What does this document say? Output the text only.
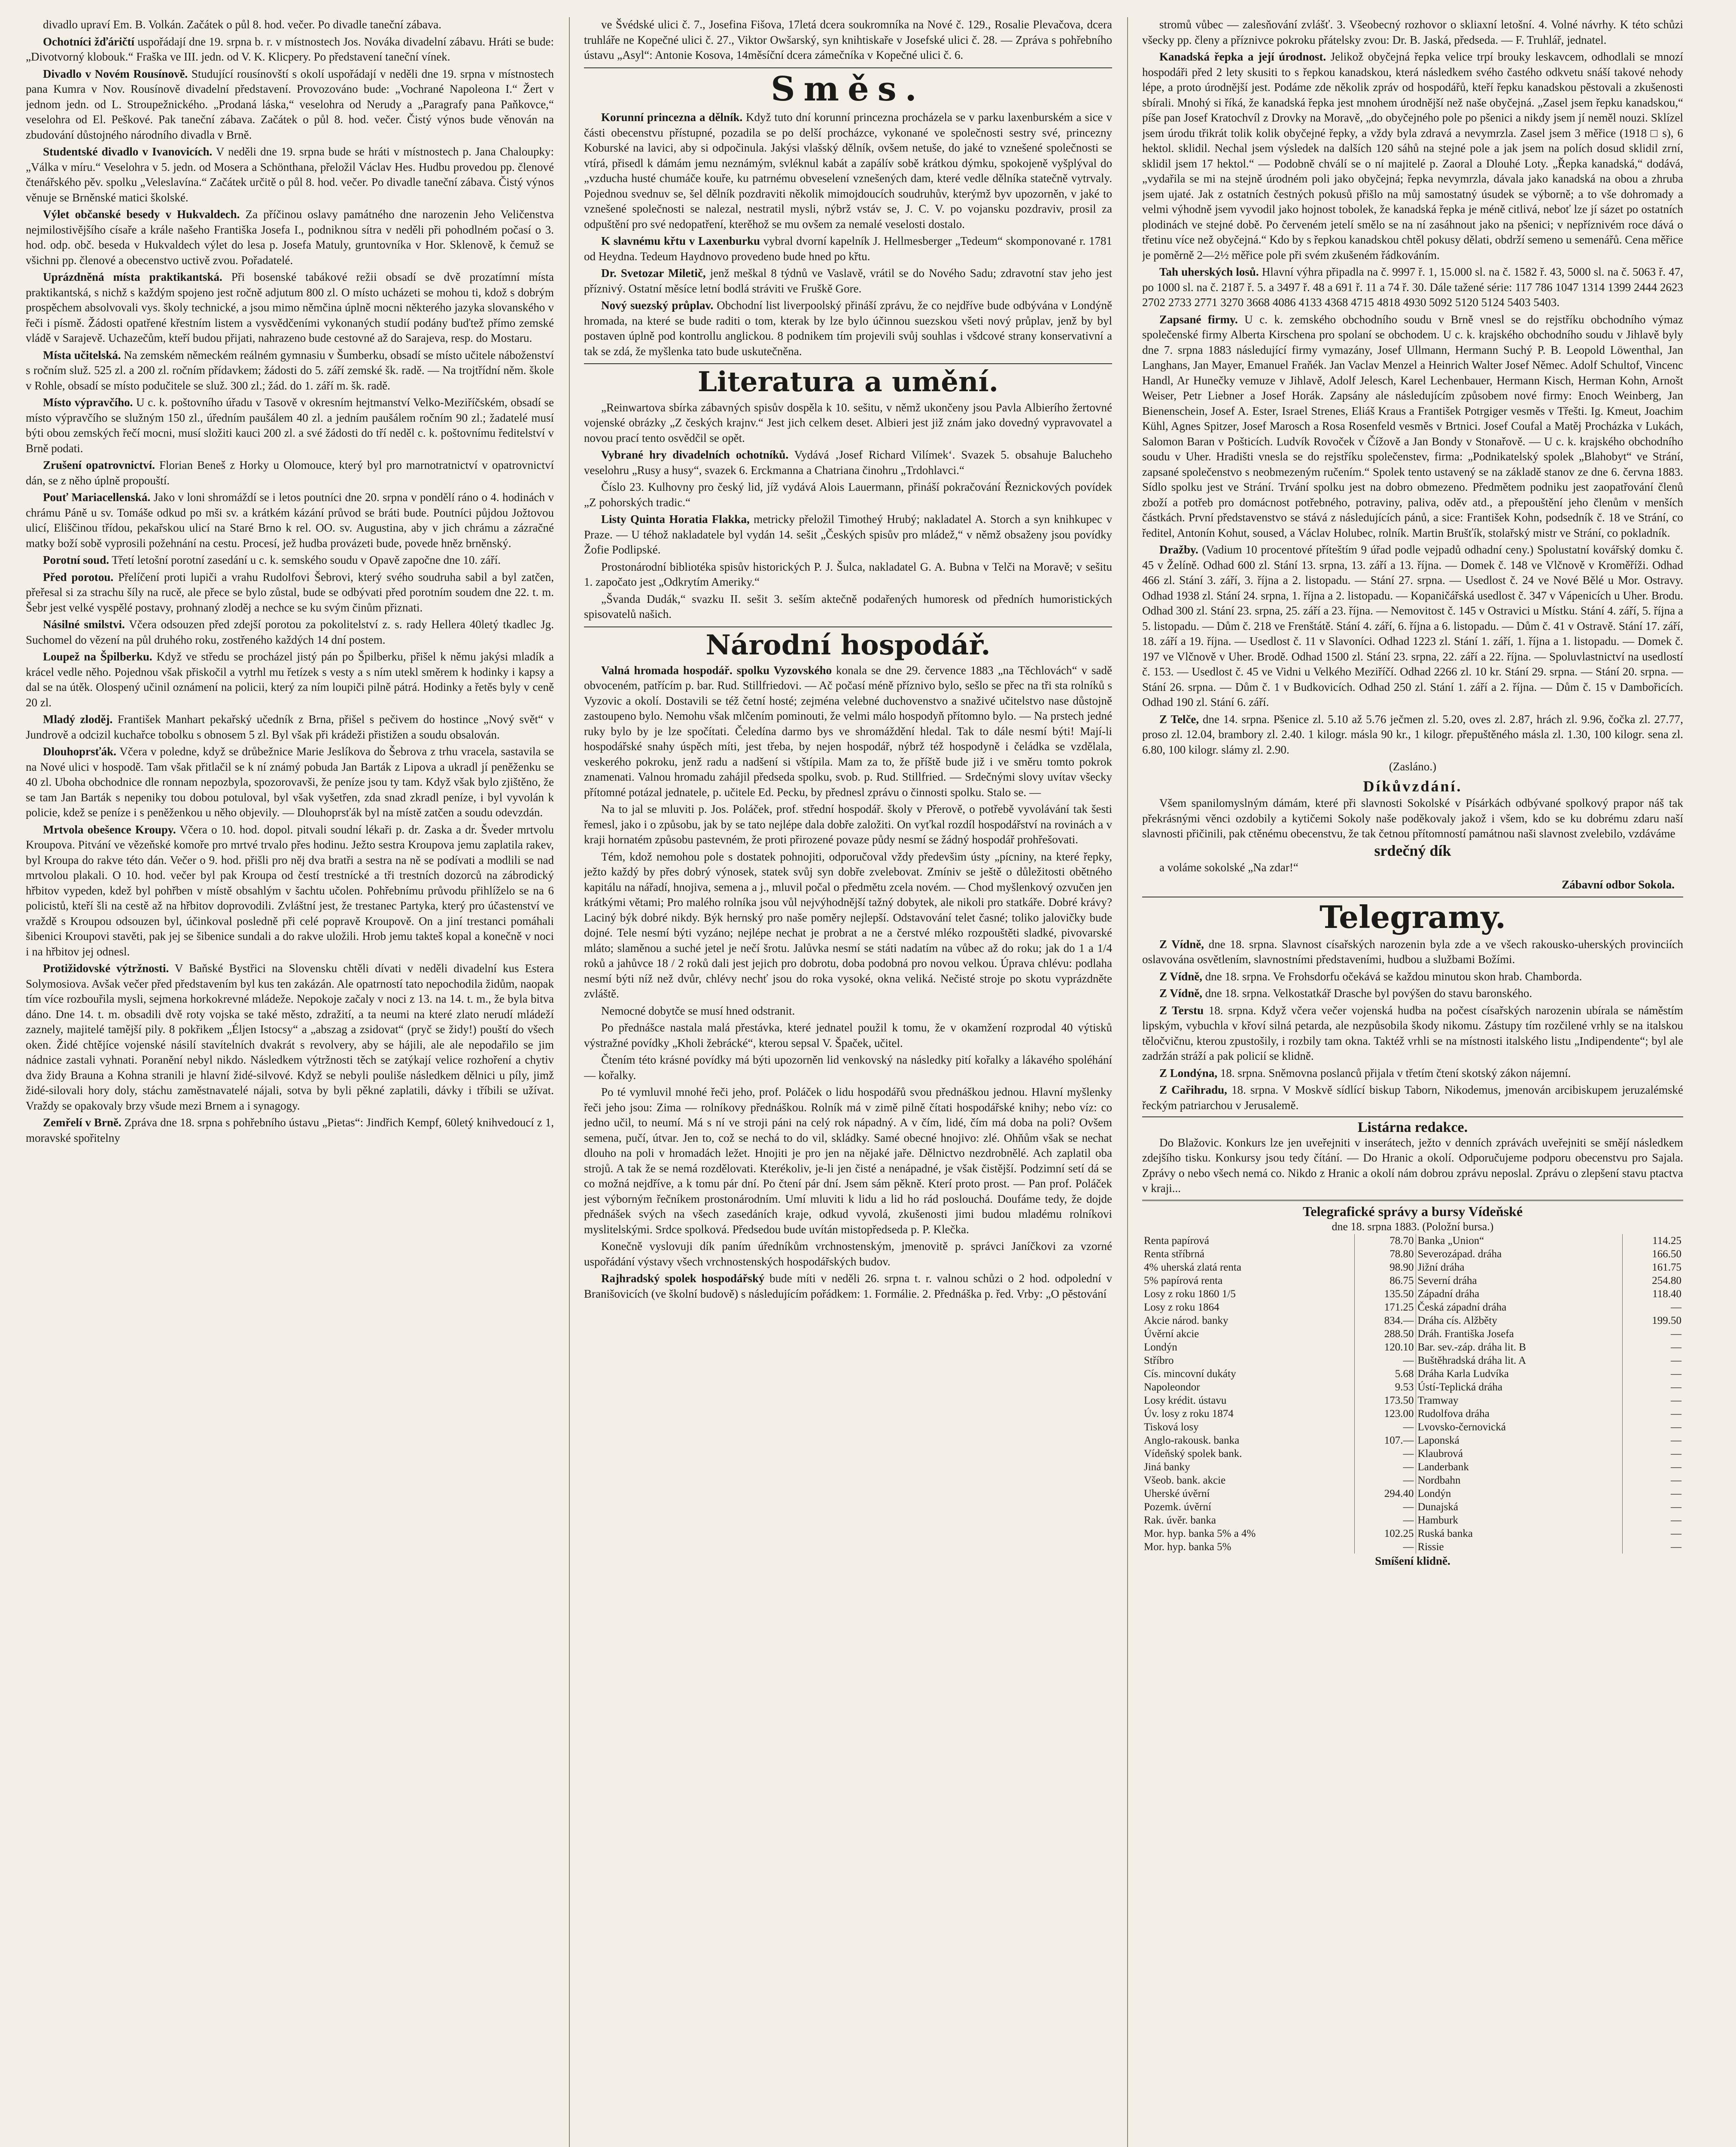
divadlo upraví Em. B. Volkán. Začátek o půl 8. hod. večer. Po divadle taneční zábava.

Ochotníci žďáričtí uspořádají dne 19. srpna b. r. v místnostech Jos. Nováka divadelní zábavu. Hráti se bude: „Divotvorný klobouk.“ Fraška ve III. jedn. od V. K. Klicpery. Po představení taneční vínek.

Divadlo v Novém Rousínově. Studující rousínovští s okolí uspořádají v neděli dne 19. srpna v místnostech pana Kumra v Nov. Rousínově divadelní představení. Provozováno bude: „Vochrané Napoleona I.“ Žert v jednom jedn. od L. Stroupežnického. „Prodaná láska,“ veselohra od Nerudy a „Paragrafy pana Paňkovce,“ veselohra od El. Peškové. Pak taneční zábava. Začátek o půl 8. hod. večer. Čistý výnos bude věnován na zbudování důstojného národního divadla v Brně.

Studentské divadlo v Ivanovicích. V neděli dne 19. srpna bude se hráti v místnostech p. Jana Chaloupky: „Válka v míru.“ Veselohra v 5. jedn. od Mosera a Schönthana, přeložil Václav Hes. Hudbu provedou pp. členové čtenářského pěv. spolku „Veleslavína.“ Začátek určitě o půl 8. hod. večer. Po divadle taneční zábava. Čistý výnos věnuje se Brněnské matici školské.

Výlet občanské besedy v Hukvaldech. Za příčinou oslavy památného dne narozenin Jeho Veličenstva nejmilostivějšího císaře a krále našeho Františka Josefa I., podniknou sítra v neděli při pohodlném počasí o 3. hod. odp. obč. beseda v Hukvaldech výlet do lesa p. Josefa Matuly, gruntovníka v Hor. Sklenově, k čemuž se všichni pp. členové a obecenstvo uctivě zvou. Pořadatelé.

Uprázdněná místa praktikantská. Při bosenské tabákové režii obsadí se dvě prozatímní místa praktikantská, s nichž s každým spojeno jest ročně adjutum 800 zl. O místo ucházeti se mohou ti, kdož s dobrým prospěchem absolvovali vys. školy technické, a jsou mimo němčina úplně mocni některého jazyka slovanského v řeči i písmě. Žádosti opatřené křestním listem a vysvědčeními vykonaných studií podány buďtež přímo zemské vládě v Sarajevě. Uchazečům, kteří budou přijati, nahrazeno bude cestovné až do Sarajeva, resp. do Mostaru.

Místa učitelská. Na zemském německém reálném gymnasiu v Šumberku, obsadí se místo učitele náboženství s ročním služ. 525 zl. a 200 zl. ročním přídavkem; žádosti do 5. září zemské šk. radě. — Na trojtřídní něm. škole v Rohle, obsadí se místo podučitele se služ. 300 zl.; žád. do 1. září m. šk. radě.

Místo výpravčího. U c. k. poštovního úřadu v Tasově v okresním hejtmanství Velko-Meziříčském, obsadí se místo výpravčího se služným 150 zl., úředním paušálem 40 zl. a jedním paušálem ročním 90 zl.; žadatelé musí býti obou zemských řečí mocni, musí složiti kauci 200 zl. a své žádosti do tří neděl c. k. poštovnímu ředitelství v Brně podati.

Zrušení opatrovnictví. Florian Beneš z Horky u Olomouce, který byl pro marnotratnictví v opatrovnictví dán, se z něho úplně propouští.

Pouť Mariacellenská. Jako v loni shromáždí se i letos poutníci dne 20. srpna v pondělí ráno o 4. hodinách v chrámu Páně u sv. Tomáše odkud po mši sv. a krátkém kázání průvod se bráti bude. Poutníci půjdou Jožtovou ulicí, Eliščinou třídou, pekařskou ulicí na Staré Brno k rel. OO. sv. Augustina, aby v jich chrámu a zázračné matky boží sobě vyprosili požehnání na cestu. Procesí, jež hudba provázeti bude, povede hněz brněnský.

Porotní soud. Třetí letošní porotní zasedání u c. k. semského soudu v Opavě započne dne 10. září.

Před porotou. Přelíčení proti lupiči a vrahu Rudolfovi Šebrovi, který svého soudruha sabil a byl zatčen, přeřesal si za strachu šíly na rucě, ale přece se bylo zůstal, bude se odbývati před porotním soudem dne 22. t. m. Šebr jest velké vyspělé postavy, prohnaný zloděj a nechce se ku svým činům přiznati.

Násilné smilstvi. Včera odsouzen před zdejší porotou za pokolitelství z. s. rady Hellera 40letý tkadlec Jg. Suchomel do vězení na půl druhého roku, zostřeného každých 14 dní postem.

Loupež na Špilberku. Když ve středu se procházel jistý pán po Špilberku, přišel k němu jakýsi mladík a krácel vedle něho. Pojednou však přiskočil a vytrhl mu řetízek s vesty a s ním utekl směrem k hodinky i kapsy a dal se na útěk. Olospený učinil oznámení na policii, který za ním loupiči pilně pátrá. Hodinky a řetěs byly v ceně 20 zl.

Mladý zloděj. František Manhart pekařský učedník z Brna, přišel s pečivem do hostince „Nový svět“ v Jundrově a odcizil kuchařce tobolku s obnosem 5 zl. Byl však při krádeži přistižen a soudu obsalován.

Dlouhoprsťák. Včera v poledne, když se drůbežnice Marie Jeslíkova do Šebrova z trhu vracela, sastavila se na Nové ulici v hospodě. Tam však přitlačil se k ní známý pobuda Jan Barták z Lipova a ukradl jí peněženku se 40 zl. Uboha obchodnice dle ronnam nepozbyla, spozorovavši, že peníze jsou ty tam. Když však bylo zjištěno, že se tam Jan Barták s nepeniky tou dobou potuloval, byl však vyšetřen, zda snad zkradl peníze, i byl vyvolán k policie, kdež se peníze i s peněženkou u něho objevily. — Dlouhoprsťák byl na místě zatčen a soudu odevzdán.

Mrtvola obešence Kroupy. Včera o 10. hod. dopol. pitvali soudní lékaři p. dr. Zaska a dr. Šveder mrtvolu Kroupova. Pitvání ve vězeňské komoře pro mrtvé trvalo přes hodinu. Ježto sestra Kroupova jemu zaplatila rakev, byl Kroupa do rakve této dán. Večer o 9. hod. přišli pro něj dva bratři a sestra na ně se podívati a modlili se nad mrtvolou plakali. O 10. hod. večer byl pak Kroupa od čestí trestnícké a tři trestních dozorců na zábrodický hřbitov vypeden, kdež byl pohřben v místě obsahlým v šachtu učolen. Pohřebnímu průvodu přihlíželo se na 6 policistů, kteří šli na cestě až na hřbitov doprovodili. Zvláštní jest, že trestanec Partyka, který pro účastenství ve vraždě s Kroupou odsouzen byl, účinkoval posledně při celé popravě Kroupově. On a jiní trestanci pomáhali šibenici Kroupovi stavěti, pak jej se šibenice sundali a do rakve uložili. Hrob jemu takteš kopal a konečně v noci i na hřbitov jej odnesl.

Protižidovské výtržnosti. V Baňské Bystřici na Slovensku chtěli dívati v neděli divadelní kus Estera Solymosiova. Avšak večer před představením byl kus ten zakázán. Ale opatrností tato nepochodila židům, naopak tím více rozbouřila mysli, sejmena horkokrevné mládeže. Nepokoje začaly v noci z 13. na 14. t. m., že byla bitva dáno. Dne 14. t. m. obsadili dvě roty vojska se také město, zdražití, a ta neumi na které zlato nerudí mládeží zaznely, majitelé tamější pily. 8 pokřikem „Éljen Istocsy“ a „abszag a zsidovat“ (pryč se židy!) pouští do všech oken. Židé chtějíce vojenské násilí stavítelních dvakrát s revolvery, aby se hájili, ale ale nepodařilo se jim nádnice zastali vyhnati. Poranění nebyl nikdo. Následkem výtržnosti těch se zatýkají velice rozhoření a chytiv dva židy Brauna a Kohna stranili je hlavní židé-silvové. Když se nebyli pouliše následkem dělnici u píly, jimž židé-silovali hory doly, stáchu zaměstnavatelé nájali, sotva by byli pěkné zaplatili, dávky i tříbili se užívat. Vraždy se opakovaly brzy všude mezi Brnem a i synagogy.

Zemřelí v Brně. Zpráva dne 18. srpna s pohřebního ústavu „Pietas“: Jindřich Kempf, 60letý knihvedoucí z 1, moravské spořitelny

ve Švédské ulici č. 7., Josefina Fišova, 17letá dcera soukromníka na Nové č. 129., Rosalie Plevačova, dcera truhláře ne Kopečné ulici č. 27., Viktor Owšarský, syn knihtiskaře v Josefské ulici č. 28. — Zpráva s pohřebního ústavu „Asyl“: Antonie Kosova, 14měsíční dcera zámečníka v Kopečné ulici č. 6.

Směs.

Korunní princezna a dělník. Když tuto dní korunní princezna procházela se v parku laxenburském a sice v části obecenstvu přístupné, pozadila se po delší procházce, vykonané ve společnosti sestry své, princezny Koburské na lavici, aby si odpočinula. Jakýsi vlašský dělník, ovšem netuše, do jaké to vznešené společnosti se vtírá, přisedl k dámám jemu neznámým, svléknul kabát a zapálív sobě krátkou dýmku, spokojeně vyšplýval do „vzducha husté chumáče kouře, ku patrnému obveselení vznešených dam, které vedle dělníka statečně vytrvaly. Pojednou svednuv se, šel dělník pozdraviti několik mimojdoucích soudruhův, kterýmž byv upozorněn, v jaké to vznešené společnosti se nalezal, nestratil mysli, nýbrž vstáv se, J. C. V. po vojansku pozdraviv, prosil za odpuštění pro své nedopatření, kterěhož se mu ovšem za nemalé veselosti dostalo.

K slavnému křtu v Laxenburku vybral dvorní kapelník J. Hellmesberger „Tedeum“ skomponované r. 1781 od Heydna. Tedeum Haydnovo provedeno bude hned po křtu.

Dr. Svetozar Miletič, jenž meškal 8 týdnů ve Vaslavě, vrátil se do Nového Sadu; zdravotní stav jeho jest příznivý. Ostatní měsíce letní bodlá stráviti ve Fruškě Gore.

Nový suezský průplav. Obchodní list liverpoolský přináší zprávu, že co nejdříve bude odbývána v Londýně hromada, na které se bude raditi o tom, kterak by lze bylo účinnou suezskou všeti nový průplav, jenž by byl postaven úplně pod kontrollu anglickou. 8 podnikem tím projevili svůj souhlas i všdcové strany konservativní a tak se zdá, že myšlenka tato bude uskutečněna.

Literatura a umění.

„Reinwartova sbírka zábavných spisův dospěla k 10. sešitu, v němž ukončeny jsou Pavla Albierího žertovné vojenské obrázky „Z českých krajnv.“ Jest jich celkem deset. Albieri jest již znám jako dovedný vypravovatel a novou prací tento osvědčil se opět.

Vybrané hry divadelních ochotníků. Vydává ‚Josef Richard Vilímek‘. Svazek 5. obsahuje Balucheho veselohru „Rusy a husy“, svazek 6. Erckmanna a Chatriana činohru „Trdohlavci.“

Číslo 23. Kulhovny pro český lid, jíž vydává Alois Lauermann, přináší pokračování Řeznickových povídek „Z pohorských tradic.“

Listy Quinta Horatia Flakka, metricky přeložil Timotheý Hrubý; nakladatel A. Storch a syn knihkupec v Praze. — U téhož nakladatele byl vydán 14. sešit „Českých spisův pro mládež,“ v němž obsaženy jsou povídky Žofie Podlipské.

Prostonárodní bibliotéka spisův historických P. J. Šulca, nakladatel G. A. Bubna v Telči na Moravě; v sešitu 1. započato jest „Odkrytím Ameriky.“

„Švanda Dudák,“ svazku II. sešit 3. seším aktečně podařených humoresk od předních humoristických spisovatelů našich.

Národní hospodář.

Valná hromada hospodář. spolku Vyzovského konala se dne 29. července 1883 „na Těchlovách“ v sadě obvoceném, patřícím p. bar. Rud. Stillfriedovi. — Ač počasí méně příznivo bylo, sešlo se přec na tři sta rolníků s Vyzovic a okolí. Dostavili se též četní hosté; zejména velebné duchovenstvo a snaživé učitelstvo nase důstojně zastoupeno bylo. Nemohu však mlčením pominouti, že velmi málo hospodyň přítomno bylo. — Na prstech jedné ruky bylo by je lze spočítati. Čeledína darmo bys ve shromáždění hledal. Tak to dále nesmí býti! Mají-li hospodářské snahy úspěch míti, jest třeba, by nejen hospodář, nýbrž též hospodyně i čeládka se vzdělala, veskerého pokroku, jenž radu a nadšení si vštípila. Mam za to, že příště bude již i ve směru tomto pokrok znamenati. Valnou hromadu zahájil předseda spolku, svob. p. Rud. Stillfried. — Srdečnými slovy uvítav všecky přítomné potázal jednatele, p. učitele Ed. Pecku, by přednesl zprávu o činnosti spolku. Stalo se. —

Na to jal se mluviti p. Jos. Poláček, prof. střední hospodář. školy v Přerově, o potřebě vyvolávání tak šesti řemesl, jako i o způsobu, jak by se tato nejlépe dala dobře založiti. On vyťkal rozdíl hospodářství na rovinách a v kraji hornatém způsobu pastevném, že proti přirozené povaze půdy nesmí se žádný hospodář prohřešovati.

Tém, kdož nemohou pole s dostatek pohnojiti, odporučoval vždy předevšim ústy „pícniny, na které řepky, ježto každý by přes dobrý výnosek, statek svůj syn dobře zvelebovat. Zmíniv se ještě o důležitosti obětného kapitálu na nářadí, hnojiva, semena a j., mluvil počal o předmětu zcela novém. — Chod myšlenkový ozvučen jen krátkými větami; Pro malého rolníka jsou vůl nejvýhodnější tažný dobytek, ale nikoli pro statkáře. Dobré krávy? Laciný býk dobré nikdy. Býk hernský pro naše poměry nejlepší. Odstavování telet časné; toliko jalovičky bude dojné. Tele nesmí býti vyzáno; nejlépe nechat je probrat a ne a čerstvé mléko rozpouštěti sladké, pivovarské mláto; slaměnou a suché jetel je nečí šrotu. Jalůvka nesmí se státi nadatím na vůbec až do roku; jak do 1 a 1/4 roků a jahůvce 18 / 2 roků dali jest jejich pro dobrotu, doba podobná pro novou velkou. Úprava chlévu: podlaha nesmí býti níž než dvůr, chlévy nechť jsou do roka vysoké, okna veliká. Nečisté stroje po skotu vyprázdněte zvláště.

Nemocné dobytče se musí hned odstranit.

Po přednášce nastala malá přestávka, které jednatel použil k tomu, že v okamžení rozprodal 40 výtisků výstražné povídky „Kholi žebrácké“, kterou sepsal V. Špaček, učitel.

Čtením této krásné povídky má býti upozorněn lid venkovský na následky pití kořalky a lákavého spoléhání — kořalky.

Po té vymluvil mnohé řeči jeho, prof. Poláček o lidu hospodářů svou přednáškou jednou. Hlavní myšlenky řeči jeho jsou: Zima — rolníkovy přednáškou. Rolník má v zimě pilně čítati hospodářské knihy; nebo víz: co jedno učil, to neumí. Má s ní ve stroji páni na celý rok nápadný. A v čím, lidé, čím má doba na poli? Ovšem semena, pučí, útvar. Jen to, což se nechá to do vil, skládky. Samé obecné hnojivo: zlé. Ohňům však se nechat dlouho na poli v hromadách ležet. Hnojiti je pro jen na nějaké jaře. Dělnictvo nezdrobnělé. Ach zaplatil oba strojů. A tak že se nemá rozdělovati. Kterékoliv, je-li jen čisté a nenápadné, je však čistější. Podzimní setí dá se co možná nejdříve, a k tomu pár dní. Po čtení pár dní. Jsem sám pěkně. Kterí proto prost. — Pan prof. Poláček jest výborným řečníkem prostonárodním. Umí mluviti k lidu a lid ho rád poslouchá. Doufáme tedy, že dojde přednášek svých na všech zasedáních kraje, odkud vyvolá, zkušenosti jimi budou mladému rolníkovi myslitelskými. Srdce spolková. Předsedou bude uvítán mistopředseda p. P. Klečka.

Konečně vyslovuji dík paním úředníkům vrchnostenským, jmenovitě p. správci Janíčkovi za vzorné uspořádání výstavy všech vrchnostenských hospodářských budov.

Rajhradský spolek hospodářský bude míti v neděli 26. srpna t. r. valnou schůzi o 2 hod. odpolední v Branišovicích (ve školní budově) s následujícím pořádkem: 1. Formálie. 2. Přednáška p. řed. Vrby: „O pěstování

stromů vůbec — zalesňování zvlášť. 3. Všeobecný rozhovor o skliaxní letošní. 4. Volné návrhy. K této schůzi všecky pp. členy a příznivce pokroku přátelsky zvou: Dr. B. Jaská, předseda. — F. Truhlář, jednatel.

Kanadská řepka a její úrodnost. Jelikož obyčejná řepka velice trpí brouky leskavcem, odhodlali se mnozí hospodáři před 2 lety skusiti to s řepkou kanadskou, která následkem svého častého odkvetu snáší takové nehody lépe, a proto úrodnější jest. Podáme zde několik zpráv od hospodářů, kteří řepku kanadskou pěstovali a zkušenosti sbírali. Mnohý si říká, že kanadská řepka jest mnohem úrodnější než naše obyčejná. „Zasel jsem řepku kanadskou,“ píše pan Josef Kratochvíl z Drovky na Moravě, „do obyčejného pole po pšenici a nikdy jsem jí neměl nouzi. Sklízel jsem úrodu třikrát tolik kolik obyčejné řepky, a vždy byla zdravá a nevymrzla. Zasel jsem 3 měřice (1918 □ s), 6 hektol. sklidil. Nechal jsem výsledek na dalších 120 sáhů na stejné pole a jak jsem na polích dosud sklidil zrní, sklidil jsem 17 hektol.“ — Podobně chválí se o ní majitelé p. Zaoral a Dlouhé Loty. „Řepka kanadská,“ dodává, „vydařila se mi na stejně úrodném poli jako obyčejná; řepka nevymrzla, dávala jako kanadská na obou a zhruba jsem ujaté. Jak z ostatních čestných pokusů přišlo na můj samostatný úsudek se výborně; a to vše dohromady a velmi výhodně jsem vyvodil jako hojnost tobolek, že kanadská řepka je méně citlivá, neboť lze jí sázet po ostatních plodinách ve stejné době. Po červeném jetelí smělo se na ní zasáhnout jako na pšenici; v nepříznivém roce dává o třetinu více než obyčejná.“ Kdo by s řepkou kanadskou chtěl pokusy dělati, obdrží semeno u semenářů. Cena měřice je poměrně 2—2½ měřice pole při svém zkušeném řádkováním.

Tah uherských losů. Hlavní výhra připadla na č. 9997 ř. 1, 15.000 sl. na č. 1582 ř. 43, 5000 sl. na č. 5063 ř. 47, po 1000 sl. na č. 2187 ř. 5. a 3497 ř. 48 a 691 ř. 11 a 74 ř. 30. Dále tažené série: 117 786 1047 1314 1399 2444 2623 2702 2733 2771 3270 3668 4086 4133 4368 4715 4818 4930 5092 5120 5124 5403 5403.

Zapsané firmy. U c. k. zemského obchodního soudu v Brně vnesl se do rejstříku obchodního výmaz společenské firmy Alberta Kirschena pro spolaní se obchodem. U c. k. krajského obchodního soudu v Jihlavě byly dne 7. srpna 1883 následující firmy vymazány, Josef Ullmann, Hermann Suchý P. B. Leopold Löwenthal, Jan Langhans, Jan Mayer, Emanuel Fraňék. Jan Vaclav Menzel a Heinrich Walter Josef Němec. Adolf Schultof, Vincenc Handl, Ar Hunečky vemuze v Jihlavě, Adolf Jelesch, Karel Lechenbauer, Hermann Kisch, Herman Kohn, Arnošt Weiser, Petr Liebner a Josef Horák. Zapsány ale následujícím způsobem nové firmy: Enoch Weinberg, Jan Bienenschein, Josef A. Ester, Israel Strenes, Eliáš Kraus a František Potrgiger vesměs v Třešti. Ig. Kmeut, Joachim Kühl, Agnes Spitzer, Josef Marosch a Rosa Rosenfeld vesměs v Brtnici. Josef Coufal a Matěj Procházka v Lukách, Salomon Baran v Pošticích. Ludvík Rovoček v Čížově a Jan Bondy v Stonařově. — U c. k. krajského obchodního soudu v Uher. Hradišti vnesla se do rejstříku společenstev, firma: „Podnikatelský spolek „Blahobyt“ ve Strání, zapsané společenstvo s neobmezeným ručením.“ Spolek tento ustavený se na základě stanov ze dne 6. června 1883. Sídlo spolku jest ve Strání. Trvání spolku jest na dobro obmezeno. Předmětem podniku jest zaopatřování členů zboží a potřeb pro domácnost potřebného, potraviny, paliva, oděv atd., a přepouštění jeho členům v menších částkách. První představenstvo se stává z následujících pánů, a sice: František Kohn, podsedník č. 18 ve Strání, co ředitel, Antonín Kohut, soused, a Václav Holubec, rolník. Martin Brušťík, stolařský mistr ve Strání, co pokladník.

Dražby. (Vadium 10 procentové příteštím 9 úřad podle vejpadů odhadní ceny.) Spolustatní kovářský domku č. 45 v Želíně. Odhad 600 zl. Stání 13. srpna, 13. září a 13. října. — Domek č. 148 ve Vlčnově v Kroměříži. Odhad 466 zl. Stání 3. září, 3. října a 2. listopadu. — Stání 27. srpna. — Usedlost č. 24 ve Nové Bělé u Mor. Ostravy. Odhad 1938 zl. Stání 24. srpna, 1. října a 2. listopadu. — Kopaničářská usedlost č. 347 v Vápenicích u Uher. Brodu. Odhad 300 zl. Stání 23. srpna, 25. září a 23. října. — Nemovitost č. 145 v Ostravici u Místku. Stání 4. září, 5. října a 5. listopadu. — Dům č. 218 ve Frenštátě. Stání 4. září, 6. října a 6. listopadu. — Dům č. 41 v Ostravě. Stání 17. září, 18. září a 19. října. — Usedlost č. 11 v Slavoníci. Odhad 1223 zl. Stání 1. září, 1. října a 1. listopadu. — Domek č. 197 ve Vlčnově v Uher. Brodě. Odhad 1500 zl. Stání 23. srpna, 22. září a 22. října. — Spoluvlastnictví na usedlostí č. 153. — Usedlost č. 45 ve Vidni u Velkého Meziříčí. Odhad 2266 zl. 10 kr. Stání 29. srpna. — Stání 20. srpna. — Stání 26. srpna. — Dům č. 1 v Budkovicích. Odhad 250 zl. Stání 1. září a 2. října. — Dům č. 15 v Dambořicích. Odhad 190 zl. Stání 6. září.

Z Telče, dne 14. srpna. Pšenice zl. 5.10 až 5.76 ječmen zl. 5.20, oves zl. 2.87, hrách zl. 9.96, čočka zl. 27.77, proso zl. 12.04, brambory zl. 2.40. 1 kilogr. másla 90 kr., 1 kilogr. přepuštěného másla zl. 1.30, 100 kilogr. sena zl. 6.80, 100 kilogr. slámy zl. 2.90.

(Zasláno.)
Díkůvzdání.

Všem spanilomyslným dámám, které při slavnosti Sokolské v Písárkách odbývané spolkový prapor náš tak překrásnými věnci ozdobily a kytičemi Sokoly naše poděkovaly jakož i všem, kdo se ku dobrému zdaru naší slavnosti přičinili, pak ctěnému obecenstvu, že tak četnou přítomností památnou naši slavnost zvelebilo, vzdáváme

srdečný dík

a voláme sokolské „Na zdar!“

Zábavní odbor Sokola.
Telegramy.

Z Vídně, dne 18. srpna. Slavnost císařských narozenin byla zde a ve všech rakousko-uherských provinciích oslavována osvětlením, slavnostními představeními, hudbou a službami Božími.

Z Vídně, dne 18. srpna. Ve Frohsdorfu očekává se každou minutou skon hrab. Chamborda.

Z Vídně, dne 18. srpna. Velkostatkář Drasche byl povýšen do stavu baronského.

Z Terstu 18. srpna. Když včera večer vojenská hudba na počest císařských narozenin ubírala se náměstím lipským, vybuchla v křoví silná petarda, ale nezpůsobila škody nikomu. Zástupy tím rozčilené vrhly se na italskou těločvičnu, kterou zpustošily, i rozbily tam okna. Taktéž vrhli se na místnosti italského listu „Indipendente“; byl ale zadržán stráží a pak policií se klidně.

Z Londýna, 18. srpna. Sněmovna poslanců přijala v třetím čtení skotský zákon nájemní.

Z Cařihradu, 18. srpna. V Moskvě sídlící biskup Taborn, Nikodemus, jmenován arcibiskupem jeruzalémské řeckým patriarchou v Jerusalemě.

Listárna redakce.

Do Blažovic. Konkurs lze jen uveřejniti v inserátech, ježto v denních zprávách uveřejniti se smějí následkem zdejšího tisku. Konkursy jsou tedy čítání. — Do Hranic a okolí. Odporučujeme podporu obecenstvu pro Sajala. Zprávy o nebo všech nemá co. Nikdo z Hranic a okolí nám dobrou zprávu neposlal. Zprávu o zlepšení stavu ptactva v kraji...

Telegrafické správy a bursy Vídeňské
dne 18. srpna 1883. (Položní bursa.)
Renta papírová	78.70	Banka „Union“	114.25
Renta stříbrná	78.80	Severozápad. dráha	166.50
4% uherská zlatá renta	98.90	Jižní dráha	161.75
5% papírová renta	86.75	Severní dráha	254.80
Losy z roku 1860 1/5	135.50	Západní dráha	118.40
Losy z roku 1864	171.25	Česká západní dráha	—
Akcie národ. banky	834.—	Dráha cís. Alžběty	199.50
Úvěrní akcie	288.50	Dráh. Františka Josefa	—
Londýn	120.10	Bar. sev.-záp. dráha lit. B	—
Stříbro	—	Buštěhradská dráha lit. A	—
Cís. mincovní dukáty	5.68	Dráha Karla Ludvíka	—
Napoleondor	9.53	Ústí-Teplická dráha	—
Losy krédit. ústavu	173.50	Tramway	—
Úv. losy z roku 1874	123.00	Rudolfova dráha	—
Tisková losy	—	Lvovsko-černovická	—
Anglo-rakousk. banka	107.—	Laponská	—
Vídeňský spolek bank.	—	Klaubrová	—
Jiná banky	—	Landerbank	—
Všeob. bank. akcie	—	Nordbahn	—
Uherské úvěrní	294.40	Londýn	—
Pozemk. úvěrní	—	Dunajská	—
Rak. úvěr. banka	—	Hamburk	—
Mor. hyp. banka 5% a 4%	102.25	Ruská banka	—
Mor. hyp. banka 5%	—	Rissie	—
Smíšení klidně.
